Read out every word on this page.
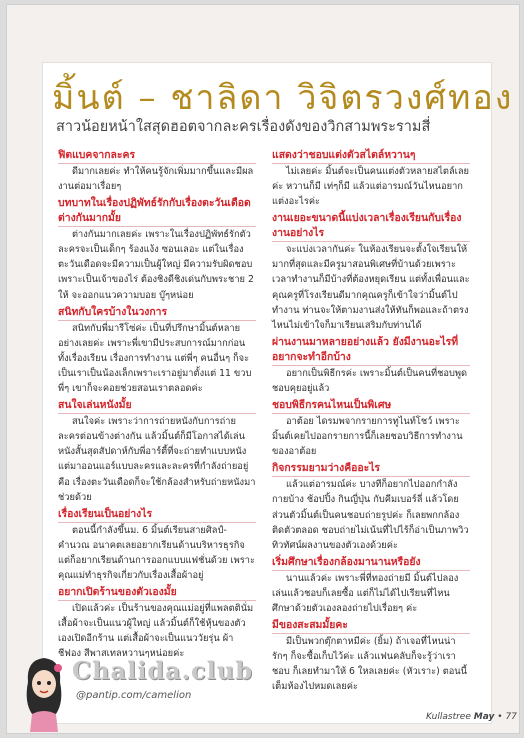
มิ้นต์ – ชาลิดา วิจิตรวงศ์ทอง
สาวน้อยหน้าใสสุดฮอตจากละครเรื่องดังของวิกสามพระรามสี่
ฟิตแบคจากละคร

ดีมากเลยค่ะ ทำให้คนรู้จักเพิ่มมากขึ้นและมีผลงานต่อมาเรื่อยๆ

บทบาทในเรื่องปฏิพัทธ์รักกับเรื่องตะวันเดือดต่างกันมากมั้ย

ต่างกันมากเลยค่ะ เพราะในเรื่องปฏิพัทธ์รักตัวละครจะเป็นเด็กๆ ร้องแง้ง ซอนเลอะ แต่ในเรื่องตะวันเดือดจะมีความเป็นผู้ใหญ่ มีความรับผิดชอบเพราะเป็นเจ้าของไร่ ต้องชิงดีชิงเด่นกับพระชาย 2 ให้ จะออกแนวความบอย บู๊ๆหน่อย

สนิทกับใครบ้างในวงการ

สนิทกับพี่มารีโซ่ค่ะ เป็นที่ปรึกษามิ้นต์หลายอย่างเลยค่ะ เพราะพี่เขามีประสบการณ์มากก่อน ทั้งเรื่องเรียน เรื่องการทำงาน แต่พี่ๆ คนอื่นๆ ก็จะเป็นเราเป็นน้องเล็กเพราะเราอยู่มาตั้งแต่ 11 ขวบ พี่ๆ เขาก็จะคอยช่วยสอนเราตลอดค่ะ

สนใจเล่นหนังมั้ย

สนใจค่ะ เพราะว่าการถ่ายหนังกับการถ่ายละครต่อนข้างต่างกัน แล้วมิ้นต์ก็มีโอกาสได้เล่นหนังสั้นสุดสัปดาห์กับพี่อาร์ตี้ที่จะถ่ายทำแบบหนัง แต่มาออนแอร์แบบละครและละครที่กำลังถ่ายอยู่ คือ เรื่องตะวันเดือดก็จะใช้กล้องสำหรับถ่ายหนังมาช่วยด้วย

เรื่องเรียนเป็นอย่างไร

ตอนนี้กำลังขึ้นม. 6 มิ้นต์เรียนสายศิลป์-คำนวณ อนาคตเลยอยากเรียนด้านบริหารธุรกิจ แต่ก็อยากเรียนด้านการออกแบบแฟชั่นด้วย เพราะคุณแม่ทำธุรกิจเกี่ยวกับเรื่องเสื้อผ้าอยู่

อยากเปิดร้านของตัวเองมั้ย

เปิดแล้วค่ะ เป็นร้านของคุณแม่อยู่ที่แพลตตินั่มเสื้อผ้าจะเป็นแนวผู้ใหญ่ แล้วมิ้นต์ก็ใช้หุ้นของตัวเองเปิดอีกร้าน แต่เสื้อผ้าจะเป็นแนววัยรุ่น ผ้าชีฟอง สีพาสเทลหวานๆหน่อยค่ะ

แสดงว่าชอบแต่งตัวสไตล์หวานๆ

ไม่เลยค่ะ มิ้นต์จะเป็นคนแต่งตัวหลายสไตล์เลยค่ะ หวานก็มี เท่ๆก็มี แล้วแต่อารมณ์วันไหนอยากแต่งอะไรค่ะ

งานเยอะขนาดนี้แบ่งเวลาเรื่องเรียนกับเรื่องงานอย่างไร

จะแบ่งเวลากันค่ะ ในห้องเรียนจะตั้งใจเรียนให้มากที่สุดและมีครูมาสอนพิเศษที่บ้านด้วยเพราะเวลาทำงานก็มีบ้างที่ต้องหยุดเรียน แต่ทั้งเพื่อนและคุณครูที่โรงเรียนดีมากคุณครูก็เข้าใจว่ามิ้นต์ไปทำงาน ท่านจะให้ตามงานส่งให้ทันก็พอและถ้าตรงไหนไม่เข้าใจก็มาเรียนเสริมกับท่านได้

ผ่านงานมาหลายอย่างแล้ว ยังมีงานอะไรที่อยากจะทำอีกบ้าง

อยากเป็นพิธีกรค่ะ เพราะมิ้นต์เป็นคนที่ชอบพูดชอบคุยอยู่แล้ว

ชอบพิธีกรคนไหนเป็นพิเศษ

อาต้อย ไดรมพจากรายการทูไนท์โชว์ เพราะมิ้นต์เคยไปออกรายการนี้ก็เลยชอบวิธีการทำงานของอาต้อย

กิจกรรมยามว่างคืออะไร

แล้วแต่อารมณ์ค่ะ บางทีก็อยากไปออกกำลังกายบ้าง ช้อปปิ้ง กินญี่ปุ่น กับคีมเบอร์ลี่ แล้วโดยส่วนตัวมิ้นต์เป็นคนชอบถ่ายรูปค่ะ ก็เลยพกกล้องติดตัวตลอด ชอบถ่ายไม่เน้นที่ไปไร้ก็อ่าเป็นภาพวิวทิวทัศน์ผลงานของตัวเองด้วยค่ะ

เริ่มศึกษาเรื่องกล้องมานานหรือยัง

นานแล้วค่ะ เพราะพี่ที่ทองถ่ายมี มิ้นต์ไปลองเล่นแล้วชอบก็เลยซื้อ แต่ก็ไม่ได้ไปเรียนที่ไหน ศึกษาด้วยตัวเองลองถ่ายไปเรื่อยๆ ค่ะ

มีของสะสมมั้ยคะ

มีเป็นพวกตุ๊กตาหมีค่ะ (ยิ้ม) ถ้าเจอที่ไหนน่ารักๆ ก็จะซื้อเก็บไว้ค่ะ แล้วแฟนคลับก็จะรู้ว่าเราชอบ ก็เลยทำมาให้ 6 ใหลเลยค่ะ (หัวเราะ) ตอนนี้เต็มห้องไปหมดเลยค่ะ

Chalida.club
@pantip.com/camelion
Kullastree May • 77
